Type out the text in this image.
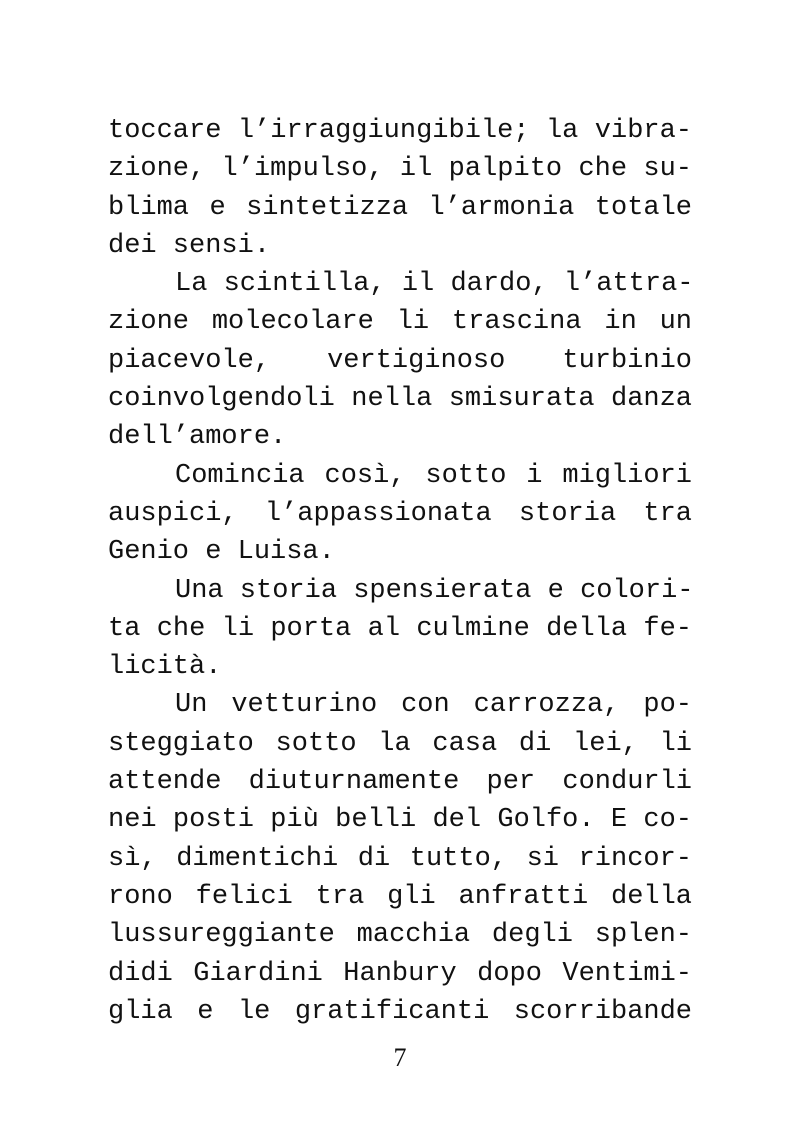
toccare l’irraggiungibile; la vibra-
zione, l’impulso, il palpito che su-
blima e sintetizza l’armonia totale
dei sensi.
La scintilla, il dardo, l’attra-
zione molecolare li trascina in un
piacevole, vertiginoso turbinio
coinvolgendoli nella smisurata danza
dell’amore.
Comincia così, sotto i migliori
auspici, l’appassionata storia tra
Genio e Luisa.
Una storia spensierata e colori-
ta che li porta al culmine della fe-
licità.
Un vetturino con carrozza, po-
steggiato sotto la casa di lei, li
attende diuturnamente per condurli
nei posti più belli del Golfo. E co-
sì, dimentichi di tutto, si rincor-
rono felici tra gli anfratti della
lussureggiante macchia degli splen-
didi Giardini Hanbury dopo Ventimi-
glia e le gratificanti scorribande
7
